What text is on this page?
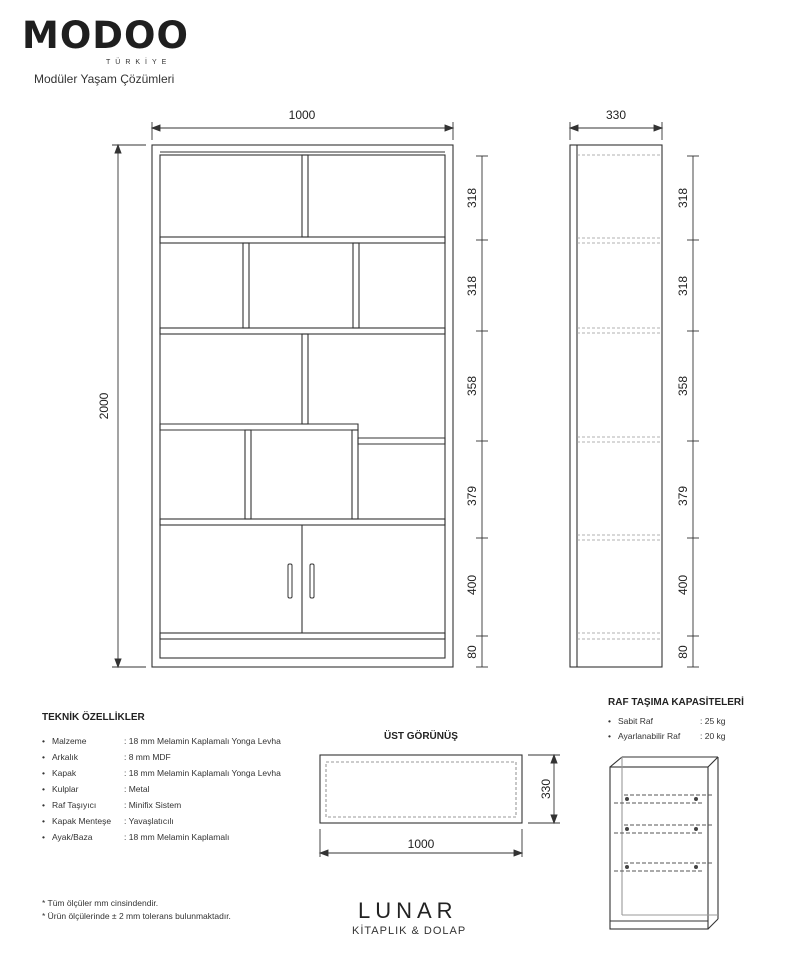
MODOO
TÜRKİYE
Modüler Yaşam Çözümleri
1000	330
2000
318
318
358
379
400
80
318
318
358
379
400
80
TEKNİK ÖZELLİKLER
• Malzeme	: 18 mm Melamin Kaplamalı Yonga Levha
• Arkalık	: 8 mm MDF
• Kapak	: 18 mm Melamin Kaplamalı Yonga Levha
• Kulplar	: Metal
• Raf Taşıyıcı	: Minifix Sistem
• Kapak Menteşe : Yavaşlatıcılı
• Ayak/Baza	: 18 mm Melamin Kaplamalı
ÜST GÖRÜNÜŞ
330
1000
RAF TAŞIMA KAPASİTELERİ
• Sabit Raf	: 25 kg
• Ayarlanabilir Raf : 20 kg
* Tüm ölçüler mm cinsindendir.
* Ürün ölçülerinde ± 2 mm tolerans bulunmaktadır.	LUNAR
KİTAPLIK & DOLAP
